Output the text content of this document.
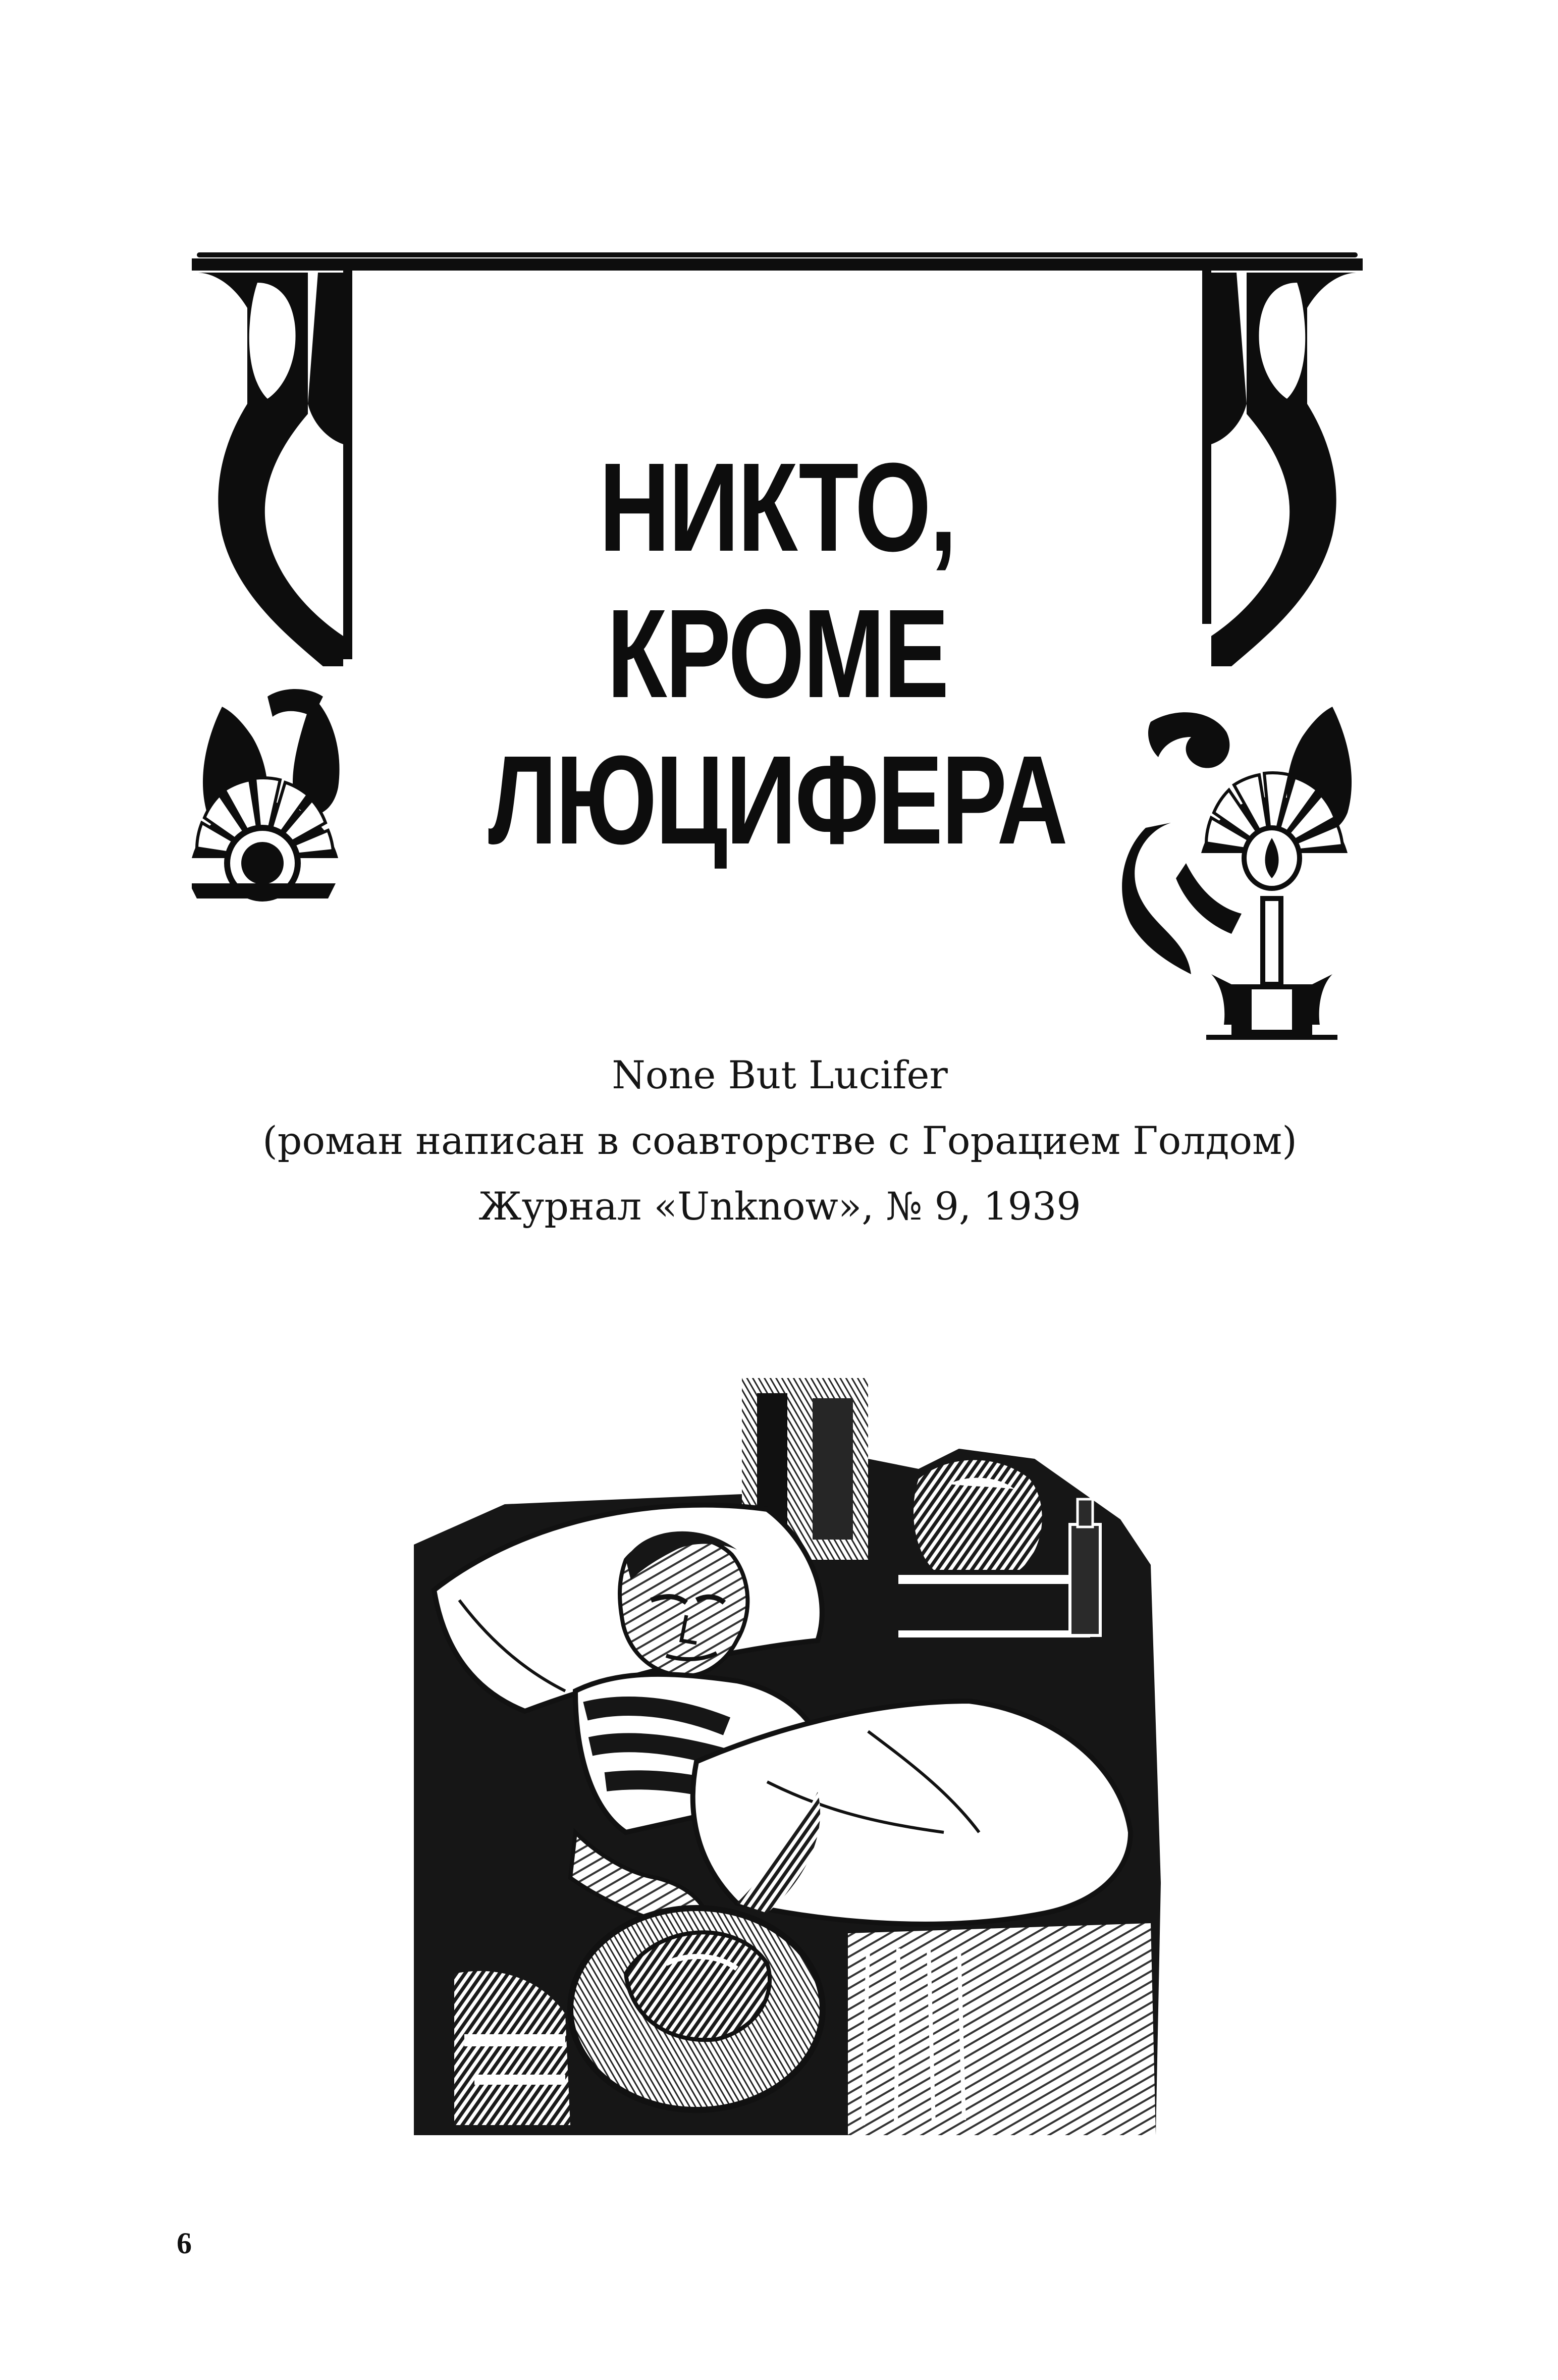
НИКТО, КРОМЕ
ЛЮЦИФЕРА
None But Lucifer
(роман написан в соавторстве с Горацием Голдом)
Журнал «Unknow», № 9, 1939
6
